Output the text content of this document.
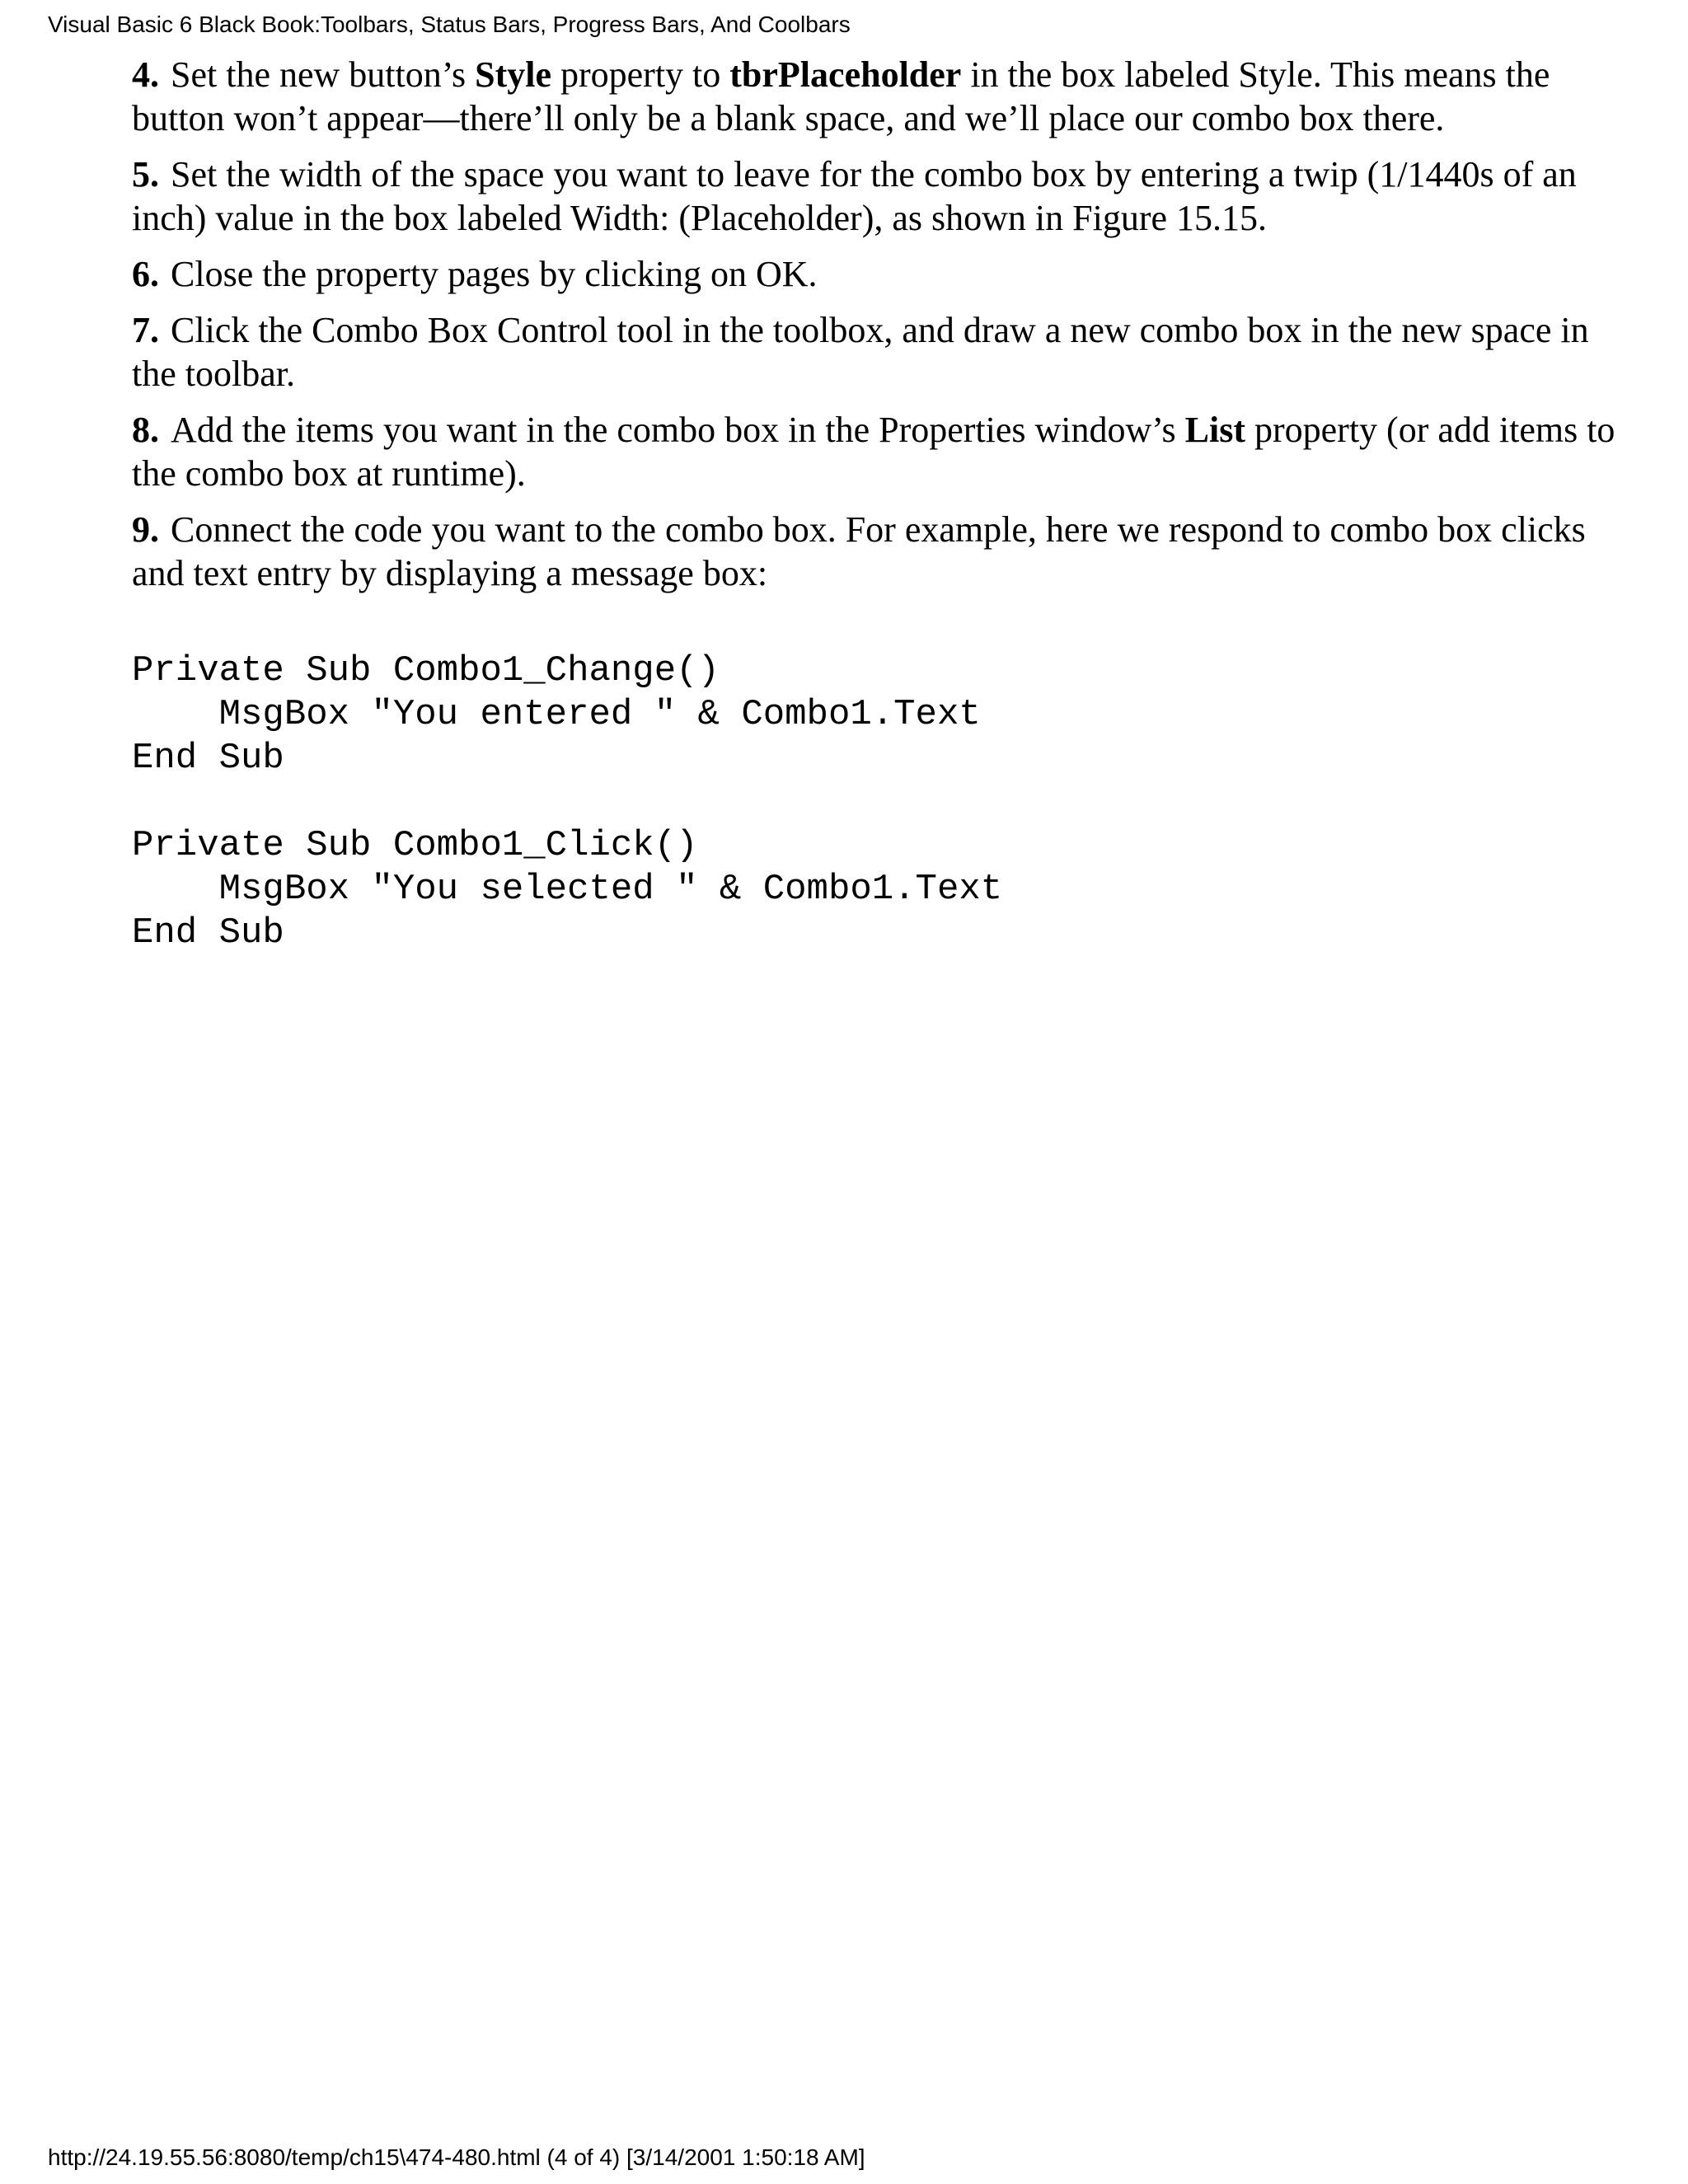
Visual Basic 6 Black Book:Toolbars, Status Bars, Progress Bars, And Coolbars
4. Set the new button’s Style property to tbrPlaceholder in the box labeled Style. This means the button won’t appear—there’ll only be a blank space, and we’ll place our combo box there.
5. Set the width of the space you want to leave for the combo box by entering a twip (1/1440s of an inch) value in the box labeled Width: (Placeholder), as shown in Figure 15.15.
6. Close the property pages by clicking on OK.
7. Click the Combo Box Control tool in the toolbox, and draw a new combo box in the new space in the toolbar.
8. Add the items you want in the combo box in the Properties window’s List property (or add items to the combo box at runtime).
9. Connect the code you want to the combo box. For example, here we respond to combo box clicks and text entry by displaying a message box:
Private Sub Combo1_Change()
MsgBox "You entered " & Combo1.Text
End Sub
Private Sub Combo1_Click()
MsgBox "You selected " & Combo1.Text
End Sub
http://24.19.55.56:8080/temp/ch15\474-480.html (4 of 4) [3/14/2001 1:50:18 AM]
